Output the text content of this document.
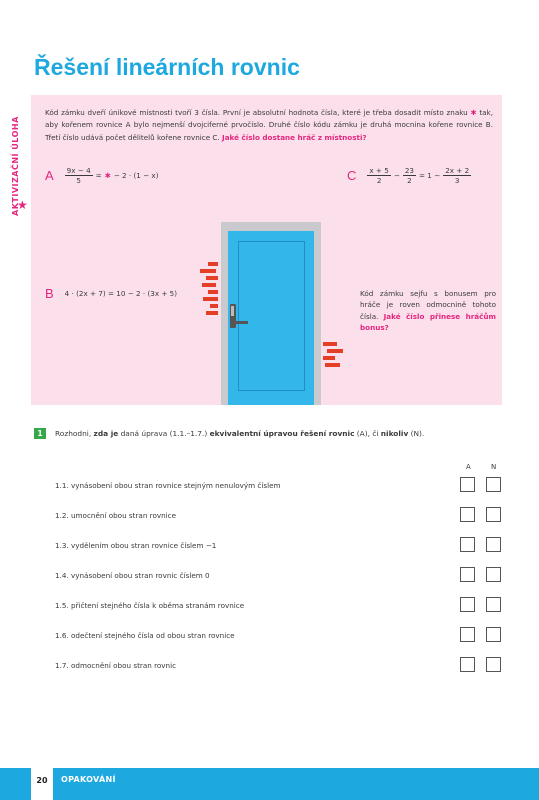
Řešení lineárních rovnic
★
AKTIVIZAČNÍ ÚLOHA
Kód zámku dveří únikové místnosti tvoří 3 čísla. První je absolutní hodnota čísla, které je třeba dosadit místo znaku ✱ tak, aby kořenem rovnice A bylo nejmenší dvojciferné prvočíslo. Druhé číslo kódu zámku je druhá mocnina kořene rovnice B. Třetí číslo udává počet dělitelů kořene rovnice C. Jaké číslo dostane hráč z místnosti?
A $\frac{9x - 4}{5}$ = ✱ − 2 · (1 − x)	C $\frac{x + 5}{2} - \frac{23}{2} = 1 - \frac{2x + 2}{3}$
B 4 · (2x + 7) = 10 − 2 · (3x + 5)	Kód zámku sejfu s bonusem pro hráče je roven odmocnině tohoto čísla. Jaké číslo přinese hráčům bonus?
1	Rozhodni, zda je daná úprava (1.1.–1.7.) ekvivalentní úpravou řešení rovnic (A), či nikoliv (N).
A	N
1.1. vynásobení obou stran rovnice stejným nenulovým číslem
1.2. umocnění obou stran rovnice
1.3. vydělením obou stran rovnice číslem −1
1.4. vynásobení obou stran rovnic číslem 0
1.5. přičtení stejného čísla k oběma stranám rovnice
1.6. odečtení stejného čísla od obou stran rovnice
1.7. odmocnění obou stran rovnic
20	OPAKOVÁNÍ
